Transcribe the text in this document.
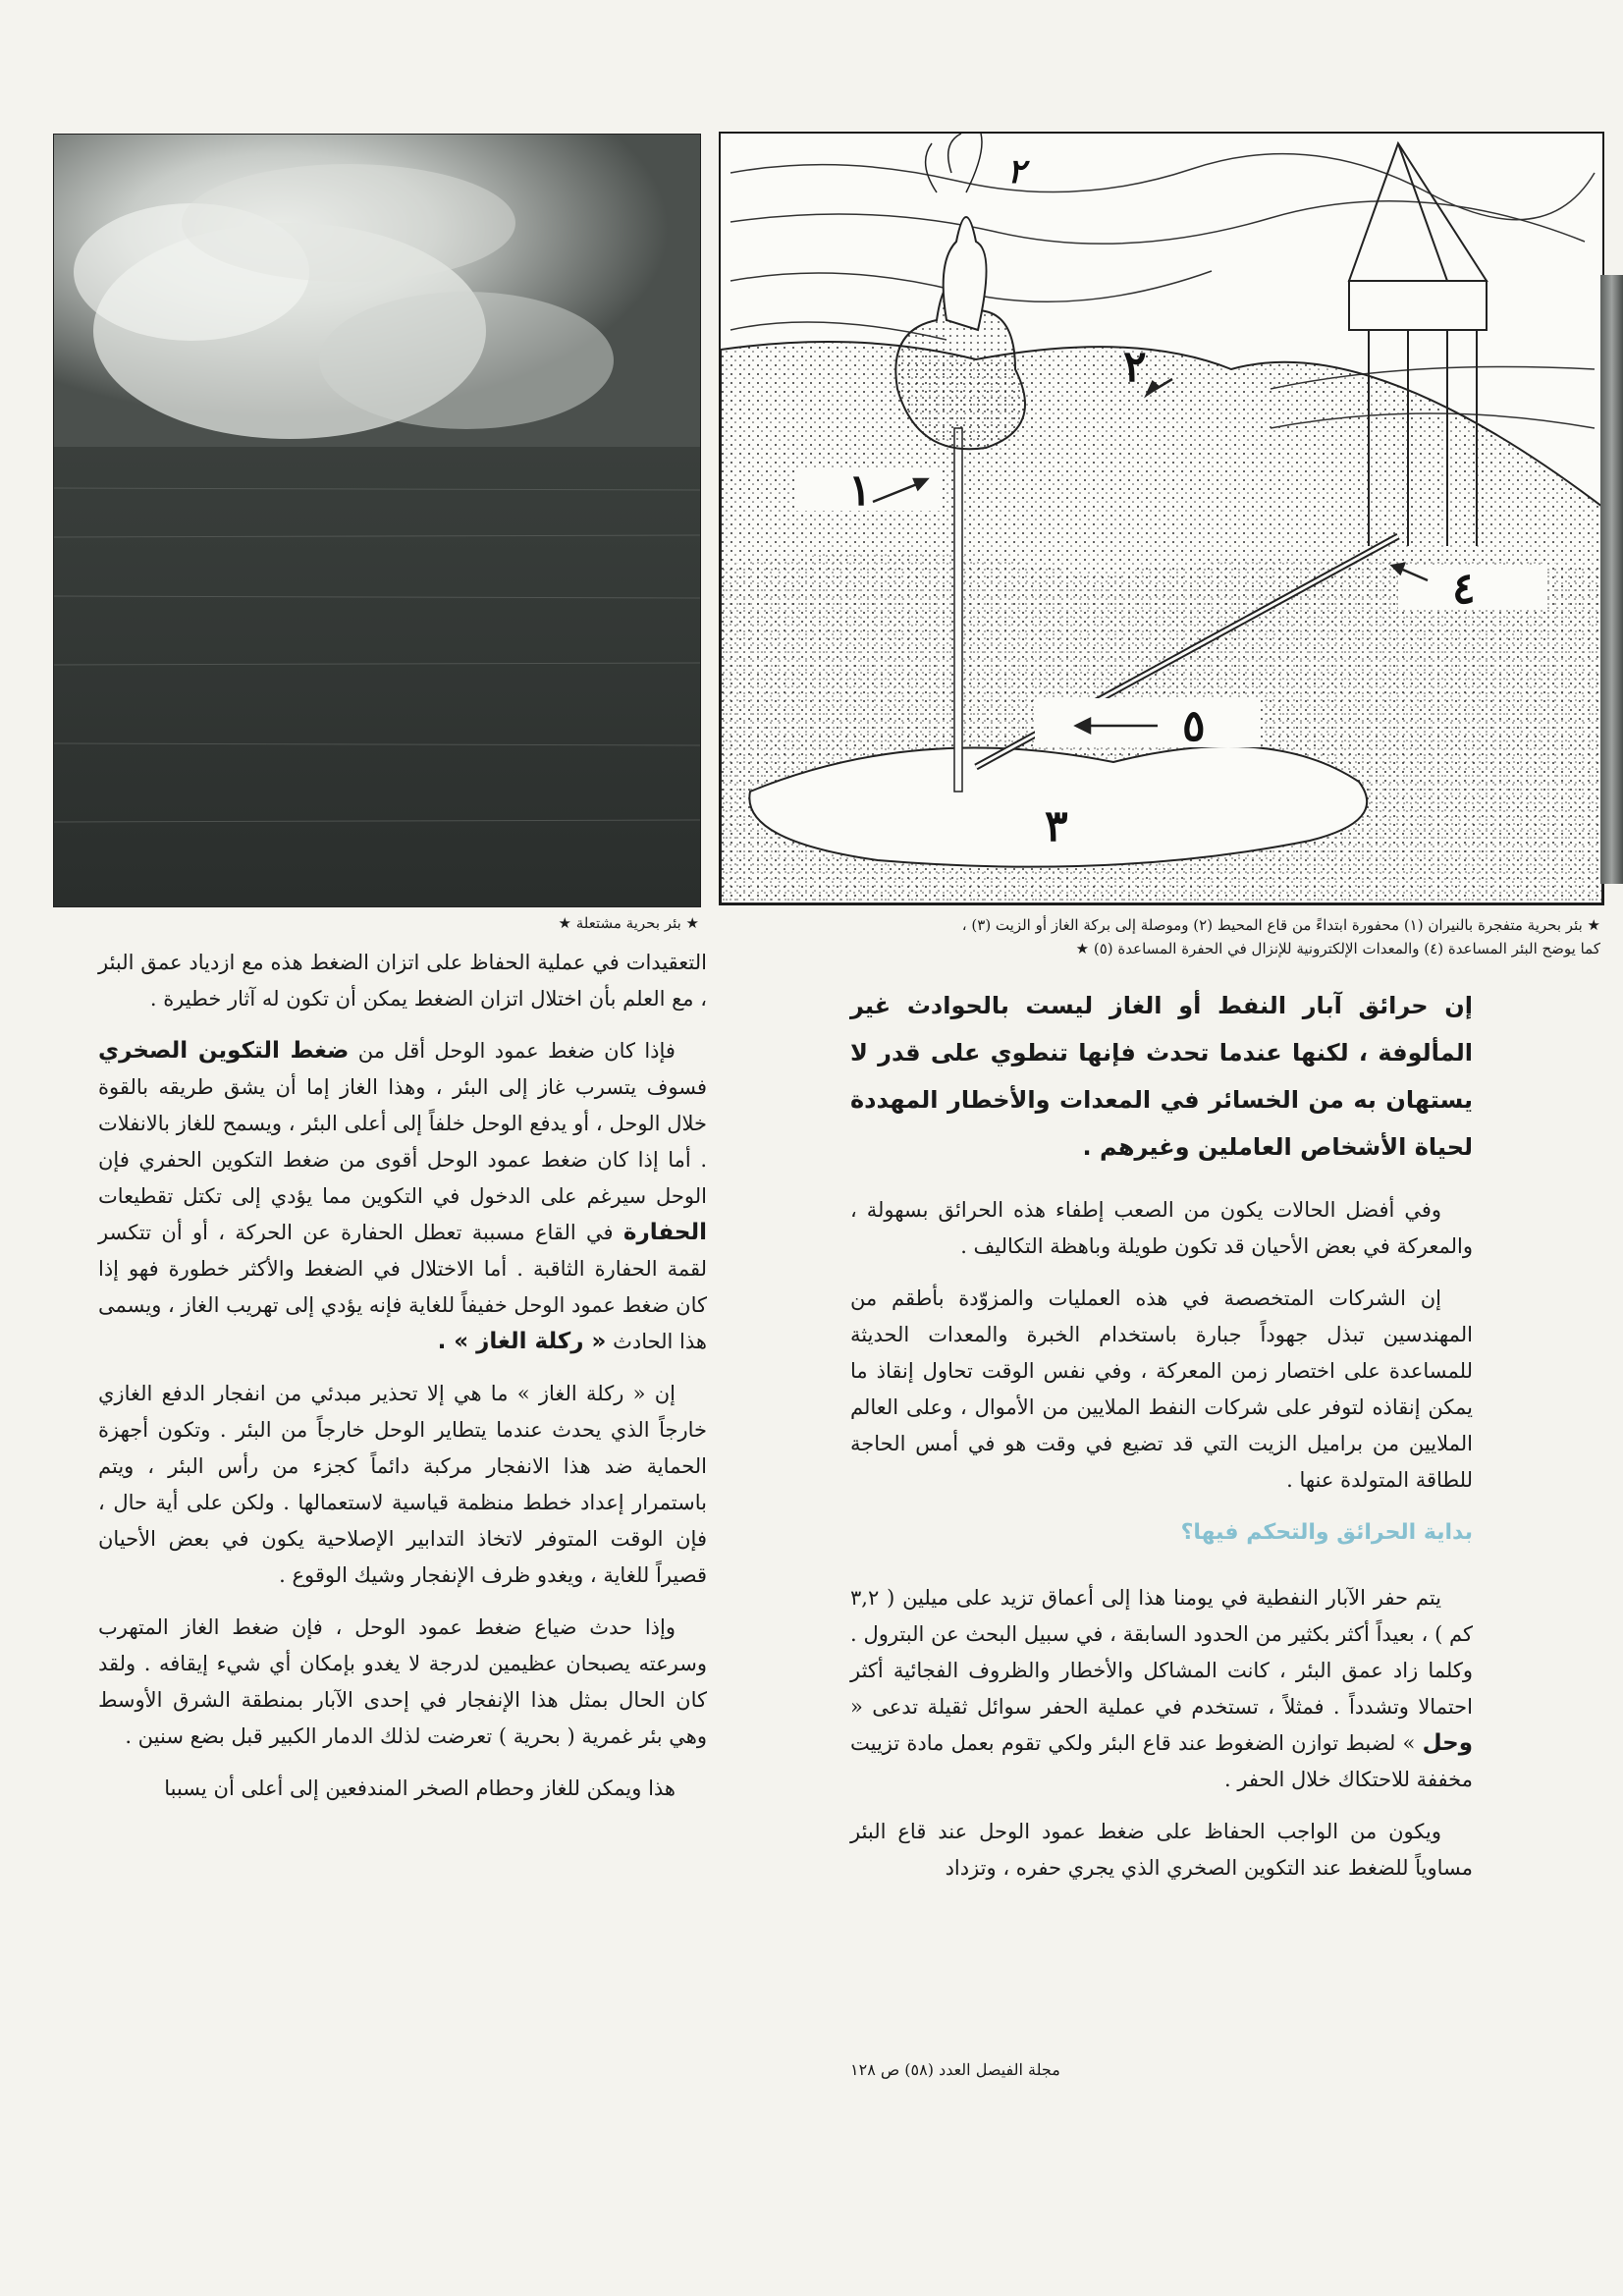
١
٢
٣
٤
٥
٢
★ بئر بحرية مشتعلة ★	★ بئر بحرية متفجرة بالنيران (١) محفورة ابتداءً من قاع المحيط (٢) وموصلة إلى بركة الغاز أو الزيت (٣) ،
كما يوضح البئر المساعدة (٤) والمعدات الإلكترونية للإنزال في الحفرة المساعدة (٥) ★

التعقيدات في عملية الحفاظ على اتزان الضغط هذه مع ازدياد عمق البئر ، مع العلم بأن اختلال اتزان الضغط يمكن أن تكون له آثار خطيرة .

فإذا كان ضغط عمود الوحل أقل من ضغط التكوين الصخري فسوف يتسرب غاز إلى البئر ، وهذا الغاز إما أن يشق طريقه بالقوة خلال الوحل ، أو يدفع الوحل خلفاً إلى أعلى البئر ، ويسمح للغاز بالانفلات . أما إذا كان ضغط عمود الوحل أقوى من ضغط التكوين الحفري فإن الوحل سيرغم على الدخول في التكوين مما يؤدي إلى تكتل تقطيعات الحفارة في القاع مسببة تعطل الحفارة عن الحركة ، أو أن تتكسر لقمة الحفارة الثاقبة . أما الاختلال في الضغط والأكثر خطورة فهو إذا كان ضغط عمود الوحل خفيفاً للغاية فإنه يؤدي إلى تهريب الغاز ، ويسمى هذا الحادث « ركلة الغاز » .

إن « ركلة الغاز » ما هي إلا تحذير مبدئي من انفجار الدفع الغازي خارجاً الذي يحدث عندما يتطاير الوحل خارجاً من البئر . وتكون أجهزة الحماية ضد هذا الانفجار مركبة دائماً كجزء من رأس البئر ، ويتم باستمرار إعداد خطط منظمة قياسية لاستعمالها . ولكن على أية حال ، فإن الوقت المتوفر لاتخاذ التدابير الإصلاحية يكون في بعض الأحيان قصيراً للغاية ، ويغدو ظرف الإنفجار وشيك الوقوع .

وإذا حدث ضياع ضغط عمود الوحل ، فإن ضغط الغاز المتهرب وسرعته يصبحان عظيمين لدرجة لا يغدو بإمكان أي شيء إيقافه . ولقد كان الحال بمثل هذا الإنفجار في إحدى الآبار بمنطقة الشرق الأوسط وهي بئر غمرية ( بحرية ) تعرضت لذلك الدمار الكبير قبل بضع سنين .

هذا ويمكن للغاز وحطام الصخر المندفعين إلى أعلى أن يسببا

إن حرائق آبار النفط أو الغاز ليست بالحوادث غير المألوفة ، لكنها عندما تحدث فإنها تنطوي على قدر لا يستهان به من الخسائر في المعدات والأخطار المهددة لحياة الأشخاص العاملين وغيرهم .

وفي أفضل الحالات يكون من الصعب إطفاء هذه الحرائق بسهولة ، والمعركة في بعض الأحيان قد تكون طويلة وباهظة التكاليف .

إن الشركات المتخصصة في هذه العمليات والمزوّدة بأطقم من المهندسين تبذل جهوداً جبارة باستخدام الخبرة والمعدات الحديثة للمساعدة على اختصار زمن المعركة ، وفي نفس الوقت تحاول إنقاذ ما يمكن إنقاذه لتوفر على شركات النفط الملايين من الأموال ، وعلى العالم الملايين من براميل الزيت التي قد تضيع في وقت هو في أمس الحاجة للطاقة المتولدة عنها .

بداية الحرائق والتحكم فيها؟

يتم حفر الآبار النفطية في يومنا هذا إلى أعماق تزيد على ميلين ( ٣,٢ كم ) ، بعيداً أكثر بكثير من الحدود السابقة ، في سبيل البحث عن البترول . وكلما زاد عمق البئر ، كانت المشاكل والأخطار والظروف الفجائية أكثر احتمالا وتشدداً . فمثلاً ، تستخدم في عملية الحفر سوائل ثقيلة تدعى « وحل » لضبط توازن الضغوط عند قاع البئر ولكي تقوم بعمل مادة تزييت مخففة للاحتكاك خلال الحفر .

ويكون من الواجب الحفاظ على ضغط عمود الوحل عند قاع البئر مساوياً للضغط عند التكوين الصخري الذي يجري حفره ، وتزداد

مجلة الفيصل العدد (٥٨) ص ١٢٨
